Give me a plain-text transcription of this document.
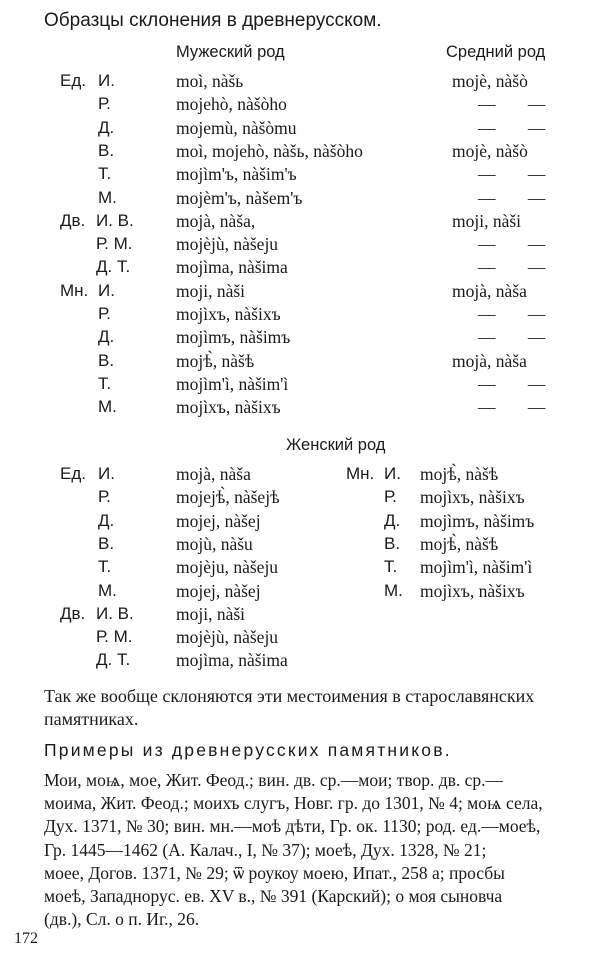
Образцы склонения в древнерусском.
Мужеский род	Средний род
Ед. И.	moì, nàšь	mojè, nàšò
Р.	mojehò, nàšòho	— —
Д.	mojemù, nàšòmu	— —
В.	moì, mojehò, nàšь, nàšòho	mojè, nàšò
Т.	mojìm'ъ, nàšim'ъ	— —
М.	mojèm'ъ, nàšem'ъ	— —
Дв. И. В. mojà, nàša,	moji, nàši
Р. М. mojèjù, nàšeju	— —
Д. Т.	mojìma, nàšima	— —
Мн. И.	moji, nàši	mojà, nàša
Р.	mojìxъ, nàšixъ	— —
Д.	mojìmъ, nàšimъ	— —
В.	mojѣ̀, nàšѣ	mojà, nàša
Т.	mojìm'ì, nàšim'ì	— —
М.	mojìxъ, nàšixъ	— —
Женский род
Ед. И.	mojà, nàša	Мн. И. mojѣ̀, nàšѣ
Р.	mojejѣ̀, nàšejѣ	Р. mojìxъ, nàšixъ
Д.	mojej, nàšej	Д. mojìmъ, nàšimъ
В.	mojù, nàšu	В. mojѣ̀, nàšѣ
Т.	mojèju, nàšeju	Т. mojìm'ì, nàšim'ì
М.	mojej, nàšej	М. mojìxъ, nàšixъ
Дв. И. В. moji, nàši
Р. М. mojèjù, nàšeju
Д. Т.	mojìma, nàšima
Так же вообще склоняются эти местоимения в старославянских
памятниках.
Примеры из древнерусских памятников.
Мои, моѩ, мое, Жит. Феод.; вин. дв. ср.—мои; твор. дв. ср.—
моима, Жит. Феод.; моихъ слугъ, Новг. гр. до 1301, № 4; моѩ села,
Дух. 1371, № 30; вин. мн.—моѣ дѣти, Гр. ок. 1130; род. ед.—моеѣ,
Гр. 1445—1462 (А. Калач., I, № 37); моеѣ, Дух. 1328, № 21;
моее, Догов. 1371, № 29; ѿ роукоу моею, Ипат., 258 а; просбы
моеѣ, Западнорус. ев. XV в., № 391 (Карский); о моя сыновча
(дв.), Сл. о п. Иг., 26.
172
